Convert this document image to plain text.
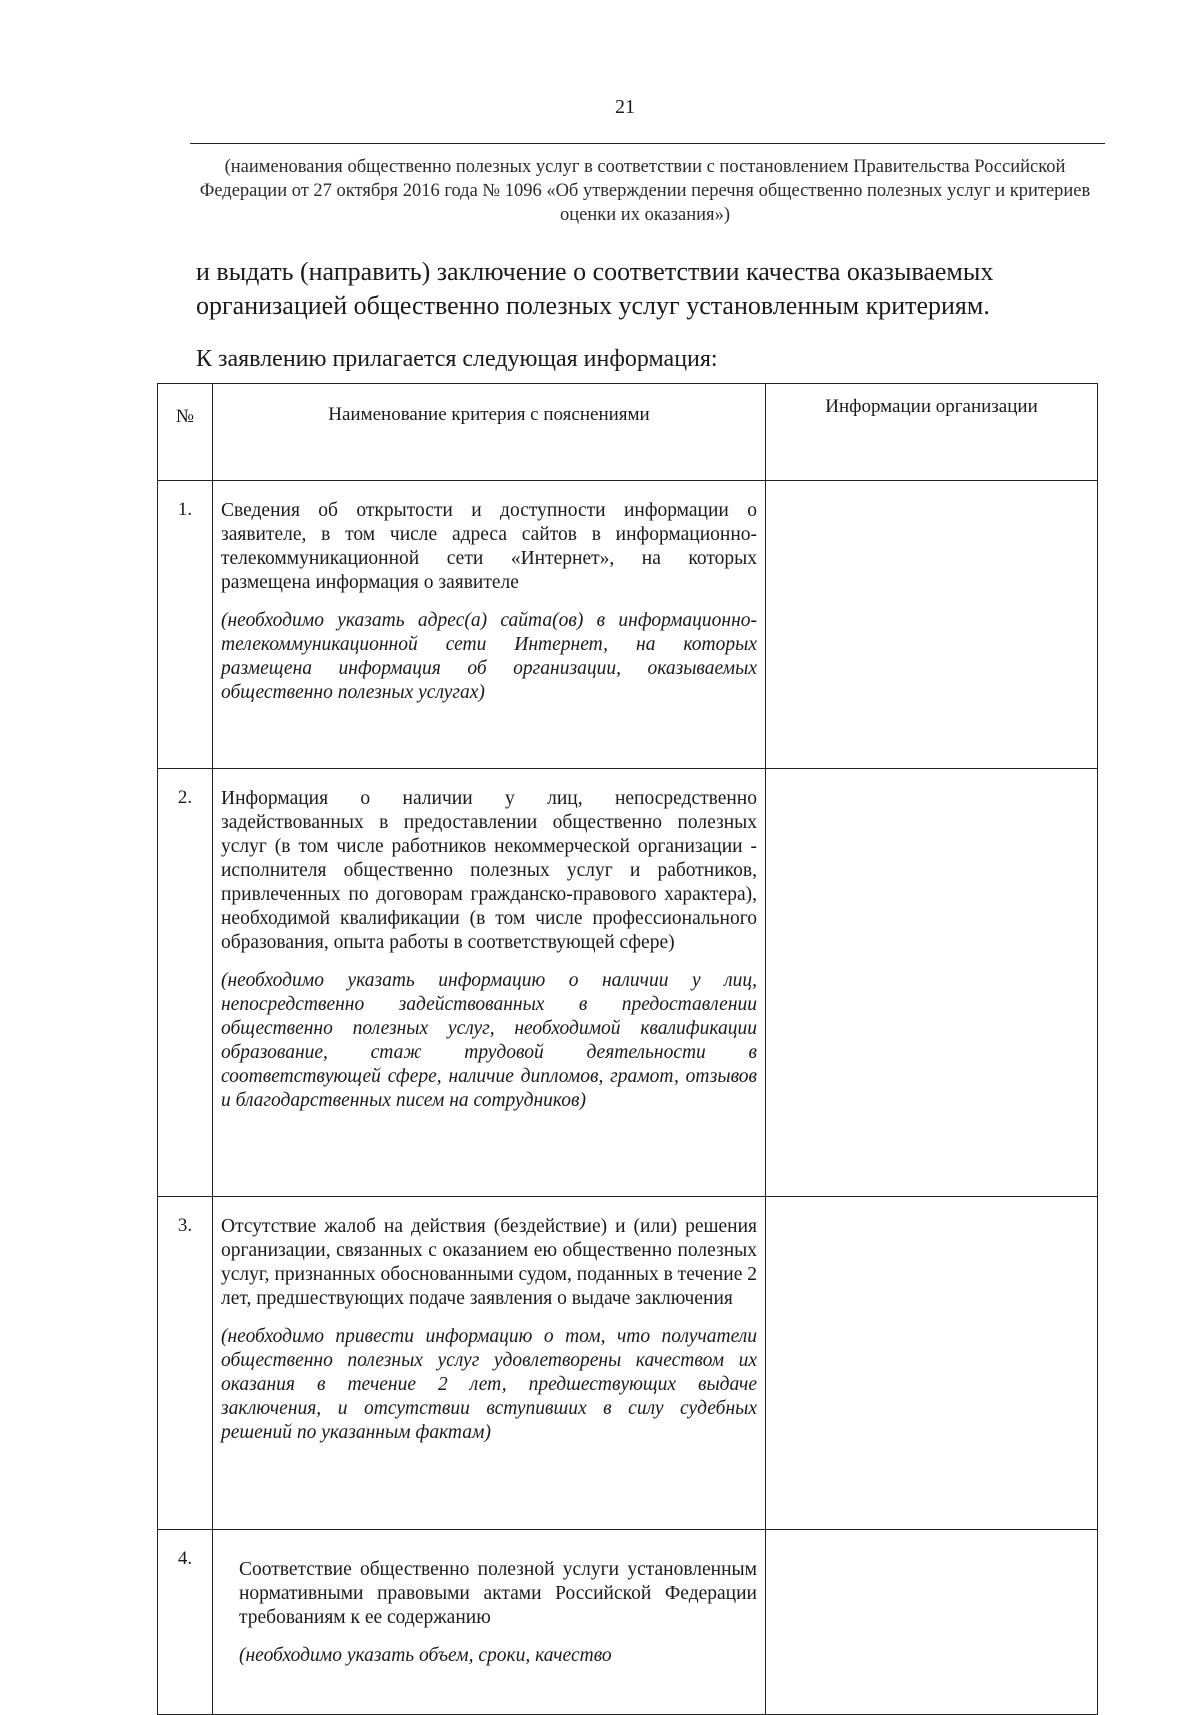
21
(наименования общественно полезных услуг в соответствии с постановлением Правительства Российской Федерации от 27 октября 2016 года № 1096 «Об утверждении перечня общественно полезных услуг и критериев оценки их оказания»)
и выдать (направить) заключение о соответствии качества оказываемых организацией общественно полезных услуг установленным критериям.
К заявлению прилагается следующая информация:
№	Наименование критерия с пояснениями	Информации организации
1.	Сведения об открытости и доступности информации о заявителе, в том числе адреса сайтов в информационно-телекоммуникационной сети «Интернет», на которых размещена информация о заявителе

(необходимо указать адрес(а) сайта(ов) в информационно-телекоммуникационной сети Интернет, на которых размещена информация об организации, оказываемых общественно полезных услугах)	

2.	Информация о наличии у лиц, непосредственно задействованных в предоставлении общественно полезных услуг (в том числе работников некоммерческой организации - исполнителя общественно полезных услуг и работников, привлеченных по договорам гражданско-правового характера), необходимой квалификации (в том числе профессионального образования, опыта работы в соответствующей сфере)

(необходимо указать информацию о наличии у лиц, непосредственно задействованных в предоставлении общественно полезных услуг, необходимой квалификации образование, стаж трудовой деятельности в соответствующей сфере, наличие дипломов, грамот, отзывов и благодарственных писем на сотрудников)	

3.	Отсутствие жалоб на действия (бездействие) и (или) решения организации, связанных с оказанием ею общественно полезных услуг, признанных обоснованными судом, поданных в течение 2 лет, предшествующих подаче заявления о выдаче заключения

(необходимо привести информацию о том, что получатели общественно полезных услуг удовлетворены качеством их оказания в течение 2 лет, предшествующих выдаче заключения, и отсутствии вступивших в силу судебных решений по указанным фактам)	

4.	Соответствие общественно полезной услуги установленным нормативными правовыми актами Российской Федерации требованиям к ее содержанию

(необходимо указать объем, сроки, качество	
